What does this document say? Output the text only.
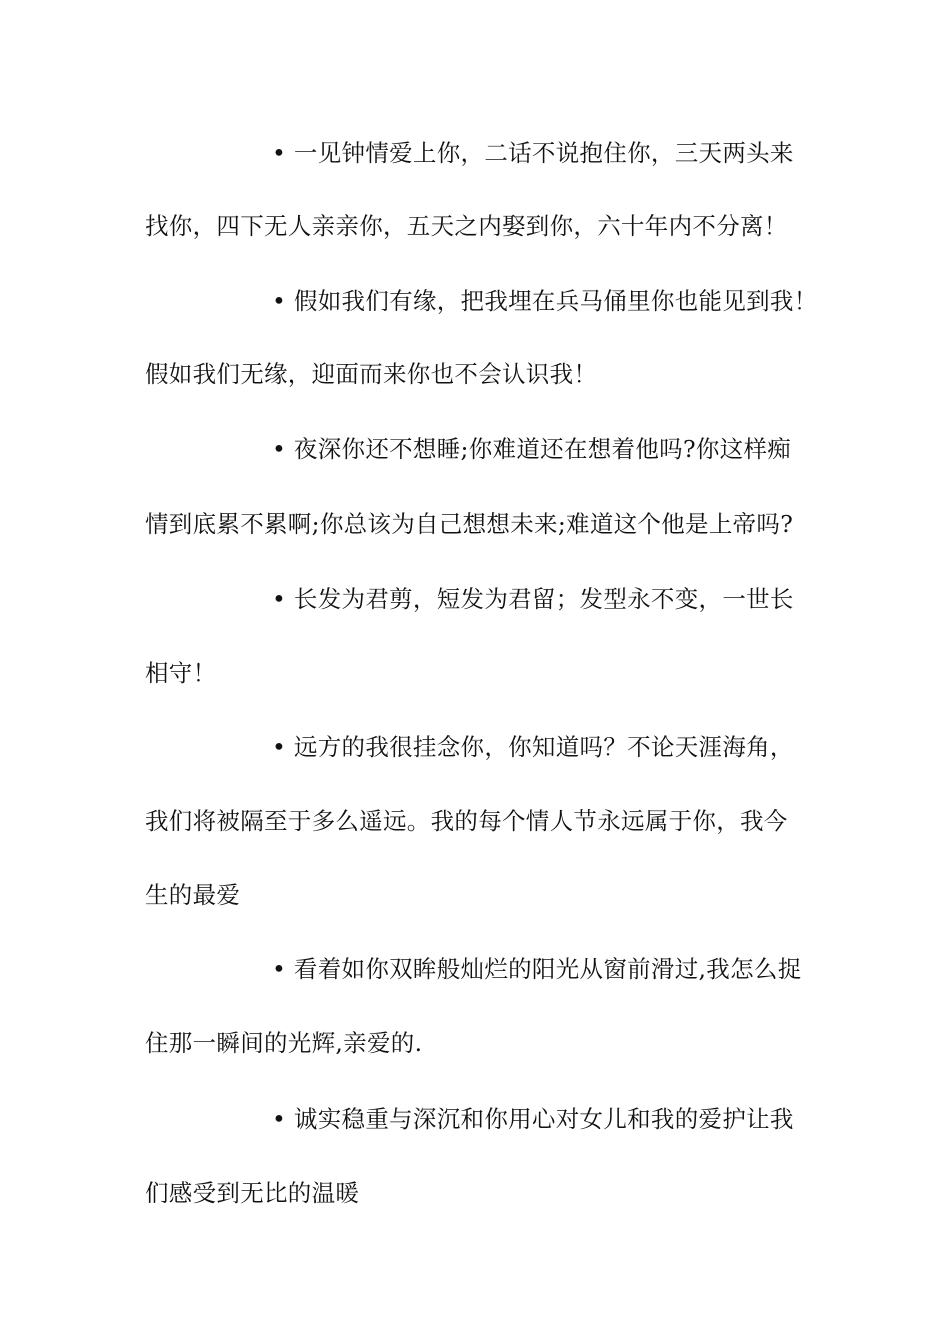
• 一见钟情爱上你，二话不说抱住你，三天两头来
找你，四下无人亲亲你，五天之内娶到你，六十年内不分离！
• 假如我们有缘，把我埋在兵马俑里你也能见到我！
假如我们无缘，迎面而来你也不会认识我！
• 夜深你还不想睡;你难道还在想着他吗?你这样痴
情到底累不累啊;你总该为自己想想未来;难道这个他是上帝吗?
• 长发为君剪，短发为君留；发型永不变，一世长
相守！
• 远方的我很挂念你，你知道吗？不论天涯海角，
我们将被隔至于多么遥远。我的每个情人节永远属于你，我今
生的最爱
• 看着如你双眸般灿烂的阳光从窗前滑过,我怎么捉
住那一瞬间的光辉,亲爱的.
• 诚实稳重与深沉和你用心对女儿和我的爱护让我
们感受到无比的温暖
